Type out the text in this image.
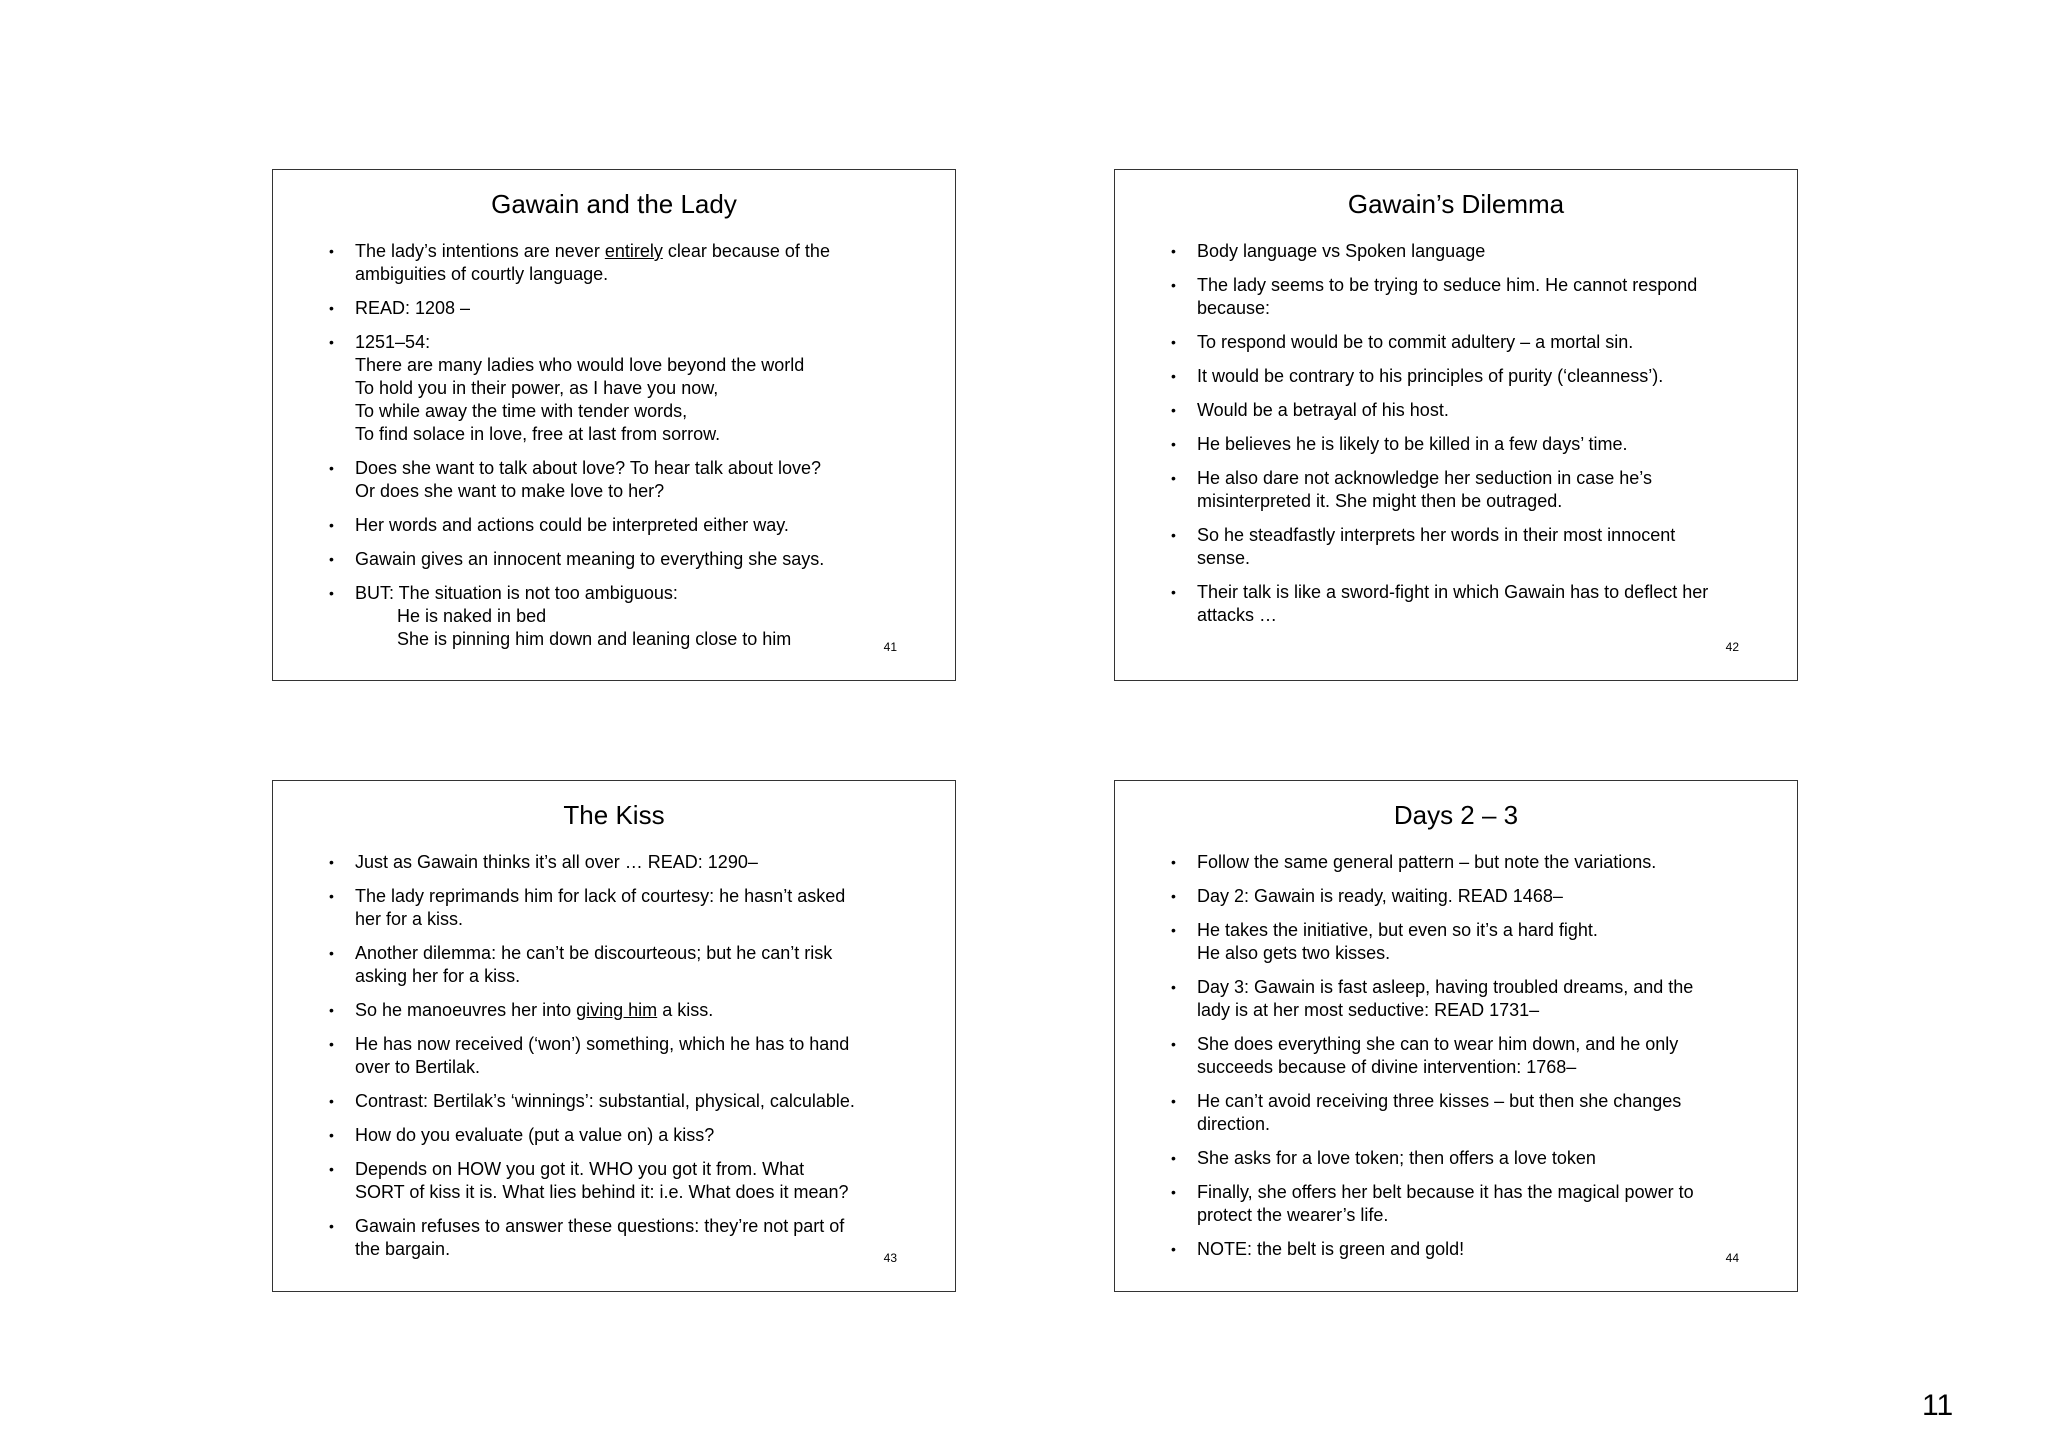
Gawain and the Lady
• The lady’s intentions are never entirely clear because of the
ambiguities of courtly language.
• READ: 1208 –
• 1251–54:
There are many ladies who would love beyond the world
To hold you in their power, as I have you now,
To while away the time with tender words,
To find solace in love, free at last from sorrow.
• Does she want to talk about love? To hear talk about love?
Or does she want to make love to her?
• Her words and actions could be interpreted either way.
• Gawain gives an innocent meaning to everything she says.
• BUT: The situation is not too ambiguous:
He is naked in bed
She is pinning him down and leaning close to him	41
Gawain’s Dilemma
• Body language vs Spoken language
• The lady seems to be trying to seduce him. He cannot respond
because:
• To respond would be to commit adultery – a mortal sin.
• It would be contrary to his principles of purity (‘cleanness’).
• Would be a betrayal of his host.
• He believes he is likely to be killed in a few days’ time.
• He also dare not acknowledge her seduction in case he’s
misinterpreted it. She might then be outraged.
• So he steadfastly interprets her words in their most innocent
sense.
• Their talk is like a sword-fight in which Gawain has to deflect her
attacks …
42
The Kiss
• Just as Gawain thinks it’s all over … READ: 1290–
• The lady reprimands him for lack of courtesy: he hasn’t asked
her for a kiss.
• Another dilemma: he can’t be discourteous; but he can’t risk
asking her for a kiss.
• So he manoeuvres her into giving him a kiss.
• He has now received (‘won’) something, which he has to hand
over to Bertilak.
• Contrast: Bertilak’s ‘winnings’: substantial, physical, calculable.
• How do you evaluate (put a value on) a kiss?
• Depends on HOW you got it. WHO you got it from. What
SORT of kiss it is. What lies behind it: i.e. What does it mean?
• Gawain refuses to answer these questions: they’re not part of
the bargain.	43
Days 2 – 3
• Follow the same general pattern – but note the variations.
• Day 2: Gawain is ready, waiting. READ 1468–
• He takes the initiative, but even so it’s a hard fight.
He also gets two kisses.
• Day 3: Gawain is fast asleep, having troubled dreams, and the
lady is at her most seductive: READ 1731–
• She does everything she can to wear him down, and he only
succeeds because of divine intervention: 1768–
• He can’t avoid receiving three kisses – but then she changes
direction.
• She asks for a love token; then offers a love token
• Finally, she offers her belt because it has the magical power to
protect the wearer’s life.
• NOTE: the belt is green and gold!	44
11
